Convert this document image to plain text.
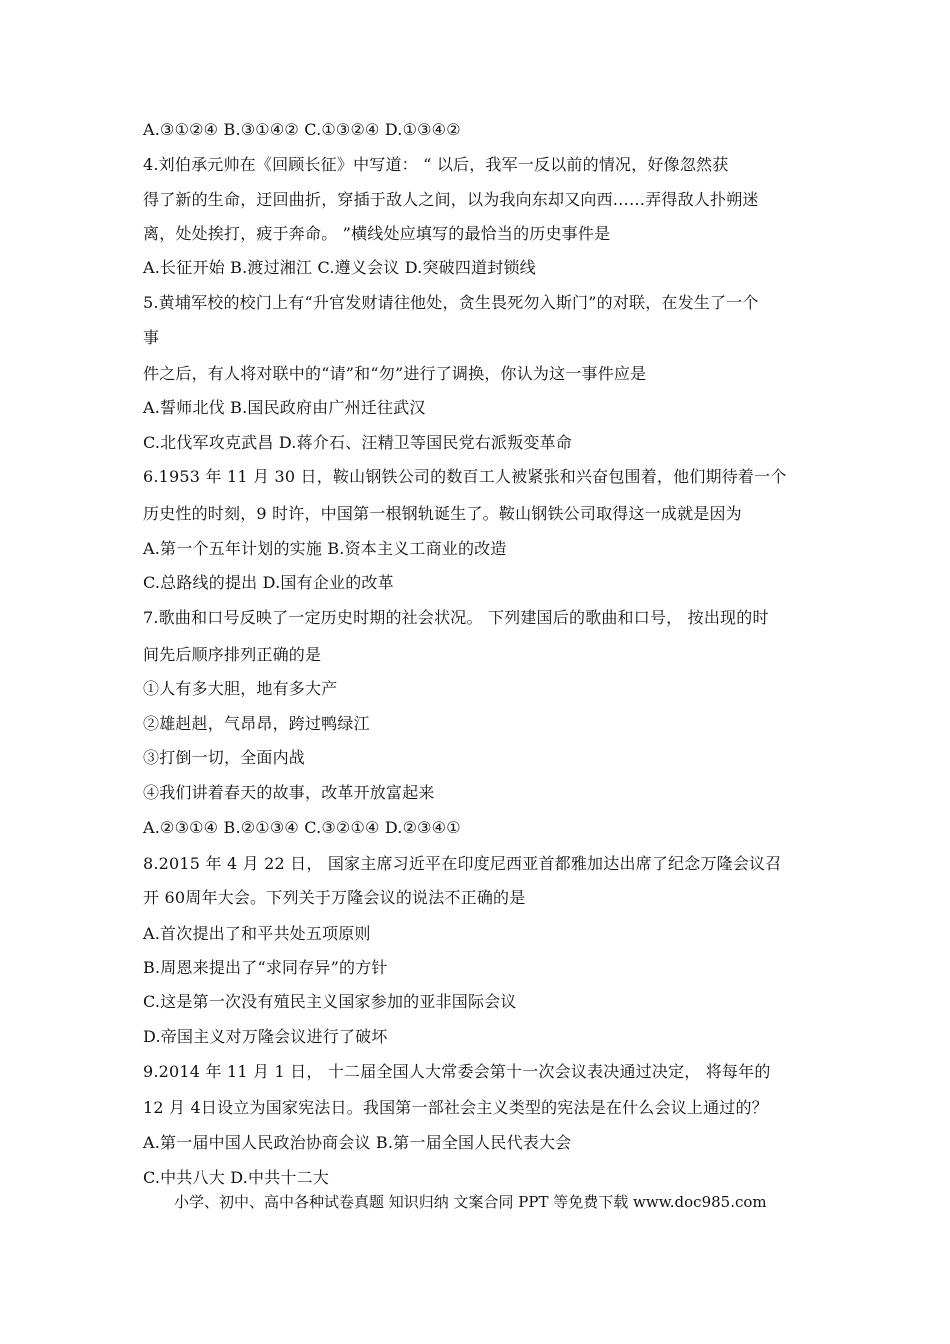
A.③①②④ B.③①④② C.①③②④ D.①③④②
4.刘伯承元帅在《回顾长征》中写道： “ 以后，我军一反以前的情况，好像忽然获
得了新的生命，迂回曲折，穿插于敌人之间，以为我向东却又向西……弄得敌人扑朔迷
离，处处挨打，疲于奔命。 ”横线处应填写的最恰当的历史事件是
A.长征开始 B.渡过湘江 C.遵义会议 D.突破四道封锁线
5.黄埔军校的校门上有“升官发财请往他处，贪生畏死勿入斯门”的对联，在发生了一个
事
件之后，有人将对联中的“请”和“勿”进行了调换，你认为这一事件应是
A.誓师北伐 B.国民政府由广州迁往武汉
C.北伐军攻克武昌 D.蒋介石、汪精卫等国民党右派叛变革命
6.1953 年 11 月 30 日，鞍山钢铁公司的数百工人被紧张和兴奋包围着，他们期待着一个
历史性的时刻，9 时许，中国第一根钢轨诞生了。鞍山钢铁公司取得这一成就是因为
A.第一个五年计划的实施 B.资本主义工商业的改造
C.总路线的提出 D.国有企业的改革
7.歌曲和口号反映了一定历史时期的社会状况。 下列建国后的歌曲和口号， 按出现的时
间先后顺序排列正确的是
①人有多大胆，地有多大产
②雄赳赳，气昂昂，跨过鸭绿江
③打倒一切，全面内战
④我们讲着春天的故事，改革开放富起来
A.②③①④ B.②①③④ C.③②①④ D.②③④①
8.2015 年 4 月 22 日， 国家主席习近平在印度尼西亚首都雅加达出席了纪念万隆会议召
开 60周年大会。下列关于万隆会议的说法不正确的是
A.首次提出了和平共处五项原则
B.周恩来提出了“求同存异”的方针
C.这是第一次没有殖民主义国家参加的亚非国际会议
D.帝国主义对万隆会议进行了破坏
9.2014 年 11 月 1 日， 十二届全国人大常委会第十一次会议表决通过决定， 将每年的
12 月 4日设立为国家宪法日。我国第一部社会主义类型的宪法是在什么会议上通过的？
A.第一届中国人民政治协商会议 B.第一届全国人民代表大会
C.中共八大 D.中共十二大
小学、初中、高中各种试卷真题 知识归纳 文案合同 PPT 等免费下载 www.doc985.com
